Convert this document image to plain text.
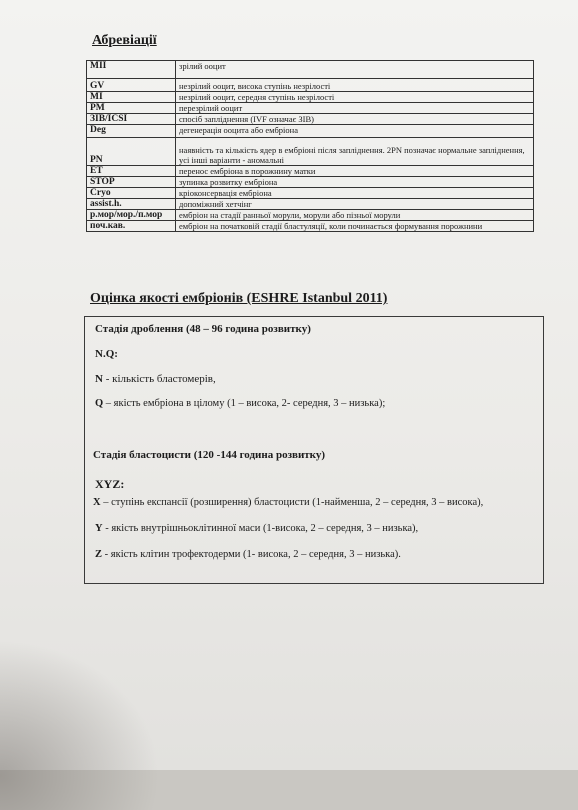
Абревіації
MII	зрілий ооцит
GV	незрілий ооцит, висока ступінь незрілості
MI	незрілий ооцит, середня ступінь незрілості
PM	перезрілий ооцит
ЗІВ/ICSI	спосіб запліднення (IVF означає ЗІВ)
Deg	дегенерація ооцита або ембріона
PN	наявність та кількість ядер в ембріоні після запліднення. 2PN позначає нормальне запліднення, усі інші варіанти - аномальні
ET	перенос ембріона в порожнину матки
STOP	зупинка розвитку ембріона
Cryo	кріоконсервація ембріона
assist.h.	допоміжний хетчінг
р.мор/мор./п.мор	ембріон на стадії ранньої морули, морули або пізньої морули
поч.кав.	ембріон на початковій стадії бластуляції, коли починається формування порожнини
Оцінка якості ембріонів (ESHRE Istanbul 2011)
Стадія дроблення (48 – 96 година розвитку)
N.Q:
N - кількість бластомерів,
Q – якість ембріона в цілому (1 – висока, 2- середня, 3 – низька);
Стадія бластоцисти (120 -144 година розвитку)
XYZ:
X – ступінь експансії (розширення) бластоцисти (1-найменша, 2 – середня, 3 – висока),
Y - якість внутрішньоклітинної маси (1-висока, 2 – середня, 3 – низька),
Z - якість клітин трофектодерми (1- висока, 2 – середня, 3 – низька).
